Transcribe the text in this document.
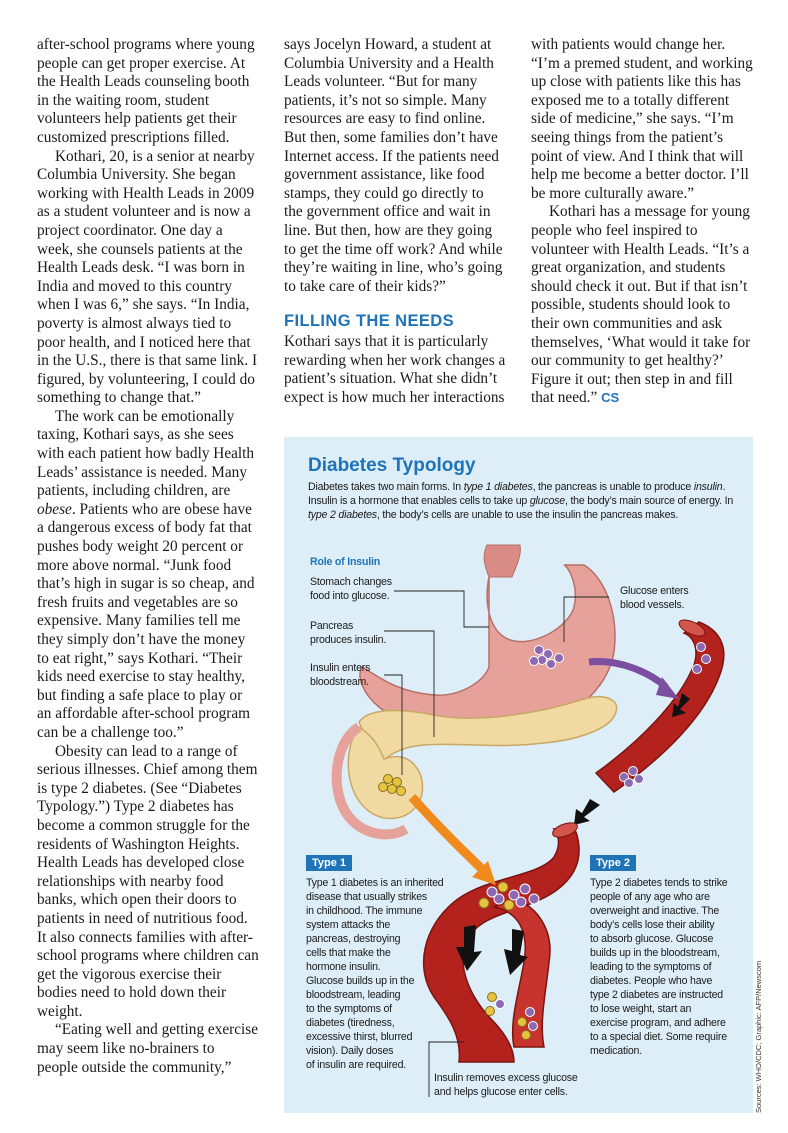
after-school programs where young people can get proper exercise. At the Health Leads counseling booth in the waiting room, student volunteers help patients get their customized prescriptions filled.

Kothari, 20, is a senior at nearby Columbia University. She began working with Health Leads in 2009 as a student volunteer and is now a project coordinator. One day a week, she counsels patients at the Health Leads desk. “I was born in India and moved to this country when I was 6,” she says. “In India, poverty is almost always tied to poor health, and I noticed here that in the U.S., there is that same link. I figured, by volunteering, I could do something to change that.”

The work can be emotionally taxing, Kothari says, as she sees with each patient how badly Health Leads’ assistance is needed. Many patients, including children, are obese. Patients who are obese have a dangerous excess of body fat that pushes body weight 20 percent or more above normal. “Junk food that’s high in sugar is so cheap, and fresh fruits and vegetables are so expensive. Many families tell me they simply don’t have the money to eat right,” says Kothari. “Their kids need exercise to stay healthy, but finding a safe place to play or an affordable after-school program can be a challenge too.”

Obesity can lead to a range of serious illnesses. Chief among them is type 2 diabetes. (See “Diabetes Typology.”) Type 2 diabetes has become a common struggle for the residents of Washington Heights. Health Leads has developed close relationships with nearby food banks, which open their doors to patients in need of nutritious food. It also connects families with after-school programs where children can get the vigorous exercise their bodies need to hold down their weight.

“Eating well and getting exercise may seem like no-brainers to people outside the community,”

says Jocelyn Howard, a student at Columbia University and a Health Leads volunteer. “But for many patients, it’s not so simple. Many resources are easy to find online. But then, some families don’t have Internet access. If the patients need government assistance, like food stamps, they could go directly to the government office and wait in line. But then, how are they going to get the time off work? And while they’re waiting in line, who’s going to take care of their kids?”

FILLING THE NEEDS

Kothari says that it is particularly rewarding when her work changes a patient’s situation. What she didn’t expect is how much her interactions

with patients would change her. “I’m a premed student, and working up close with patients like this has exposed me to a totally different side of medicine,” she says. “I’m seeing things from the patient’s point of view. And I think that will help me become a better doctor. I’ll be more culturally aware.”

Kothari has a message for young people who feel inspired to volunteer with Health Leads. “It’s a great organization, and students should check it out. But if that isn’t possible, students should look to their own communities and ask themselves, ‘What would it take for our community to get healthy?’ Figure it out; then step in and fill that need.” CS

Diabetes Typology
Diabetes takes two main forms. In type 1 diabetes, the pancreas is unable to produce insulin. Insulin is a hormone that enables cells to take up glucose, the body’s main source of energy. In type 2 diabetes, the body’s cells are unable to use the insulin the pancreas makes.
Role of Insulin
Stomach changes
food into glucose.
Pancreas
produces insulin.
Insulin enters
bloodstream.
Glucose enters
blood vessels.
Insulin removes excess glucose
and helps glucose enter cells.
Type 1
Type 1 diabetes is an inherited
disease that usually strikes
in childhood. The immune
system attacks the
pancreas, destroying
cells that make the
hormone insulin.
Glucose builds up in the
bloodstream, leading
to the symptoms of
diabetes (tiredness,
excessive thirst, blurred
vision). Daily doses
of insulin are required.
Type 2
Type 2 diabetes tends to strike
people of any age who are
overweight and inactive. The
body’s cells lose their ability
to absorb glucose. Glucose
builds up in the bloodstream,
leading to the symptoms of
diabetes. People who have
type 2 diabetes are instructed
to lose weight, start an
exercise program, and adhere
to a special diet. Some require
medication.	Sources: WHO/CDC; Graphic: AFP/Newscom
